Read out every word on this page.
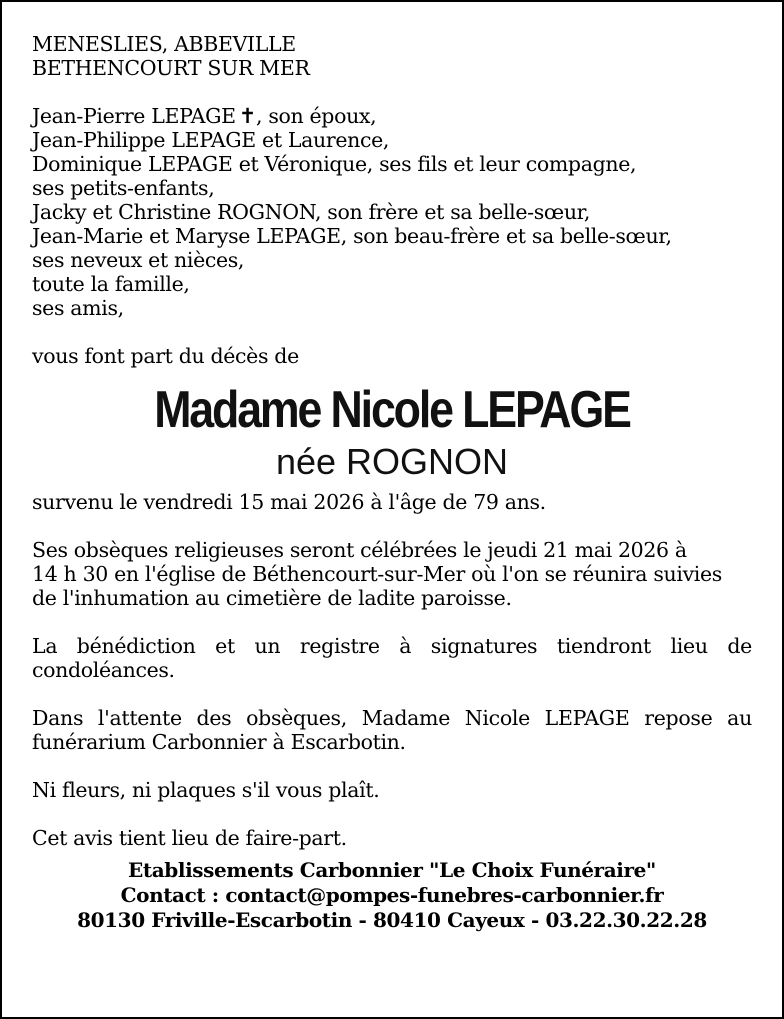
MENESLIES, ABBEVILLE
BETHENCOURT SUR MER
Jean-Pierre LEPAGE ✝, son époux,
Jean-Philippe LEPAGE et Laurence,
Dominique LEPAGE et Véronique, ses fils et leur compagne,
ses petits-enfants,
Jacky et Christine ROGNON, son frère et sa belle-sœur,
Jean-Marie et Maryse LEPAGE, son beau-frère et sa belle-sœur,
ses neveux et nièces,
toute la famille,
ses amis,
vous font part du décès de
Madame Nicole LEPAGE
née ROGNON
survenu le vendredi 15 mai 2026 à l'âge de 79 ans.
Ses obsèques religieuses seront célébrées le jeudi 21 mai 2026 à
14 h 30 en l'église de Béthencourt-sur-Mer où l'on se réunira suivies
de l'inhumation au cimetière de ladite paroisse.
La bénédiction et un registre à signatures tiendront lieu de
condoléances.
Dans l'attente des obsèques, Madame Nicole LEPAGE repose au
funérarium Carbonnier à Escarbotin.
Ni fleurs, ni plaques s'il vous plaît.
Cet avis tient lieu de faire-part.
Etablissements Carbonnier "Le Choix Funéraire"
Contact : contact@pompes-funebres-carbonnier.fr
80130 Friville-Escarbotin - 80410 Cayeux - 03.22.30.22.28
